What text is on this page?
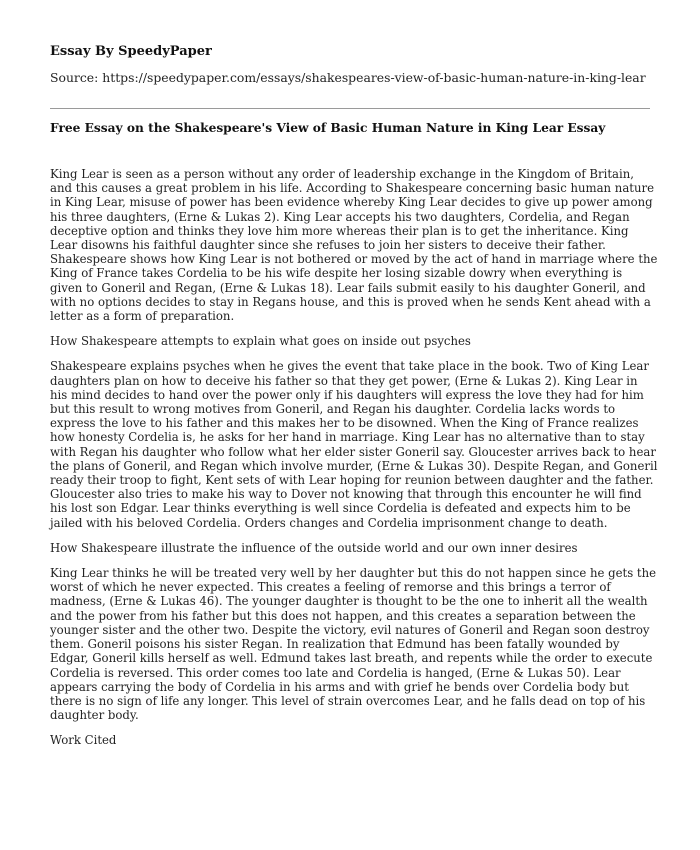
Essay By SpeedyPaper
Source: https://speedypaper.com/essays/shakespeares-view-of-basic-human-nature-in-king-lear
Free Essay on the Shakespeare's View of Basic Human Nature in King Lear Essay

King Lear is seen as a person without any order of leadership exchange in the Kingdom of Britain, and this causes a great problem in his life. According to Shakespeare concerning basic human nature in King Lear, misuse of power has been evidence whereby King Lear decides to give up power among his three daughters, (Erne & Lukas 2). King Lear accepts his two daughters, Cordelia, and Regan deceptive option and thinks they love him more whereas their plan is to get the inheritance. King Lear disowns his faithful daughter since she refuses to join her sisters to deceive their father. Shakespeare shows how King Lear is not bothered or moved by the act of hand in marriage where the King of France takes Cordelia to be his wife despite her losing sizable dowry when everything is given to Goneril and Regan, (Erne & Lukas 18). Lear fails submit easily to his daughter Goneril, and with no options decides to stay in Regans house, and this is proved when he sends Kent ahead with a letter as a form of preparation.

How Shakespeare attempts to explain what goes on inside out psyches

Shakespeare explains psyches when he gives the event that take place in the book. Two of King Lear daughters plan on how to deceive his father so that they get power, (Erne & Lukas 2). King Lear in his mind decides to hand over the power only if his daughters will express the love they had for him but this result to wrong motives from Goneril, and Regan his daughter. Cordelia lacks words to express the love to his father and this makes her to be disowned. When the King of France realizes how honesty Cordelia is, he asks for her hand in marriage. King Lear has no alternative than to stay with Regan his daughter who follow what her elder sister Goneril say. Gloucester arrives back to hear the plans of Goneril, and Regan which involve murder, (Erne & Lukas 30). Despite Regan, and Goneril ready their troop to fight, Kent sets of with Lear hoping for reunion between daughter and the father. Gloucester also tries to make his way to Dover not knowing that through this encounter he will find his lost son Edgar. Lear thinks everything is well since Cordelia is defeated and expects him to be jailed with his beloved Cordelia. Orders changes and Cordelia imprisonment change to death.

How Shakespeare illustrate the influence of the outside world and our own inner desires

King Lear thinks he will be treated very well by her daughter but this do not happen since he gets the worst of which he never expected. This creates a feeling of remorse and this brings a terror of madness, (Erne & Lukas 46). The younger daughter is thought to be the one to inherit all the wealth and the power from his father but this does not happen, and this creates a separation between the younger sister and the other two. Despite the victory, evil natures of Goneril and Regan soon destroy them. Goneril poisons his sister Regan. In realization that Edmund has been fatally wounded by Edgar, Goneril kills herself as well. Edmund takes last breath, and repents while the order to execute Cordelia is reversed. This order comes too late and Cordelia is hanged, (Erne & Lukas 50). Lear appears carrying the body of Cordelia in his arms and with grief he bends over Cordelia body but there is no sign of life any longer. This level of strain overcomes Lear, and he falls dead on top of his daughter body.

Work Cited
